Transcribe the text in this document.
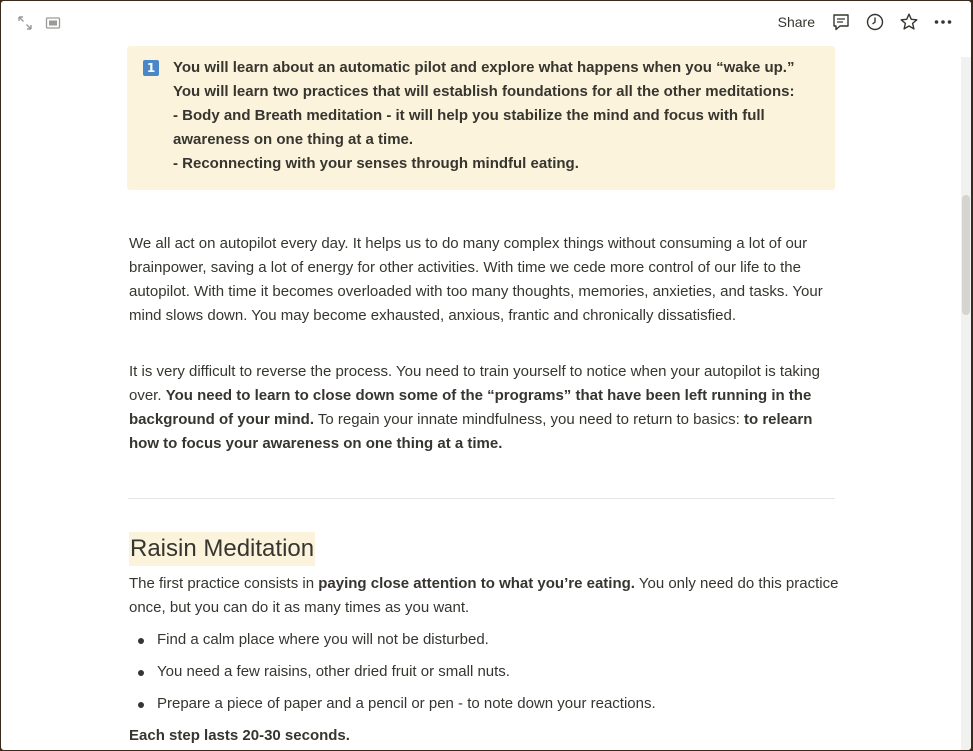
Share
1 You will learn about an automatic pilot and explore what happens when you “wake up.”
You will learn two practices that will establish foundations for all the other meditations:
- Body and Breath meditation - it will help you stabilize the mind and focus with full
awareness on one thing at a time.
- Reconnecting with your senses through mindful eating.
We all act on autopilot every day. It helps us to do many complex things without consuming a lot of our brainpower, saving a lot of energy for other activities. With time we cede more control of our life to the autopilot. With time it becomes overloaded with too many thoughts, memories, anxieties, and tasks. Your mind slows down. You may become exhausted, anxious, frantic and chronically dissatisfied.
It is very difficult to reverse the process. You need to train yourself to notice when your autopilot is taking over. You need to learn to close down some of the “programs” that have been left running in the background of your mind. To regain your innate mindfulness, you need to return to basics: to relearn how to focus your awareness on one thing at a time.
Raisin Meditation
The first practice consists in paying close attention to what you’re eating. You only need do this practice once, but you can do it as many times as you want.
Find a calm place where you will not be disturbed.
You need a few raisins, other dried fruit or small nuts.
Prepare a piece of paper and a pencil or pen - to note down your reactions.
Each step lasts 20-30 seconds.
